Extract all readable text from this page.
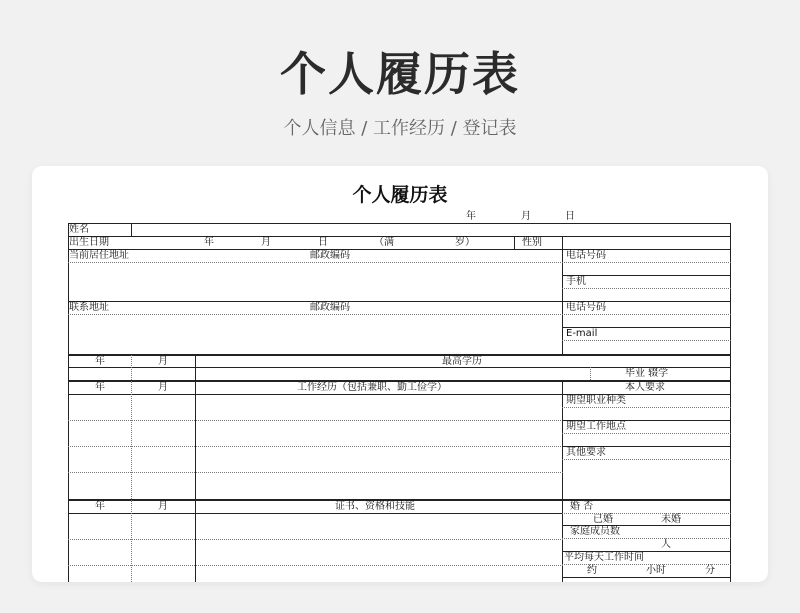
个人履历表
个人信息 / 工作经历 / 登记表
个人履历表
年	月	日
姓名
出生日期	年	月	日	（满	岁）	性别
当前居住地址	邮政编码	电话号码
手机
联系地址	邮政编码	电话号码
E-mail
年	月	最高学历
毕业 辍学
年	月	工作经历（包括兼职、勤工俭学）	本人要求
期望职业种类
期望工作地点
其他要求
年	月	证书、资格和技能	婚 否
已婚	未婚
家庭成员数
人
平均每天工作时间
约	小时	分
